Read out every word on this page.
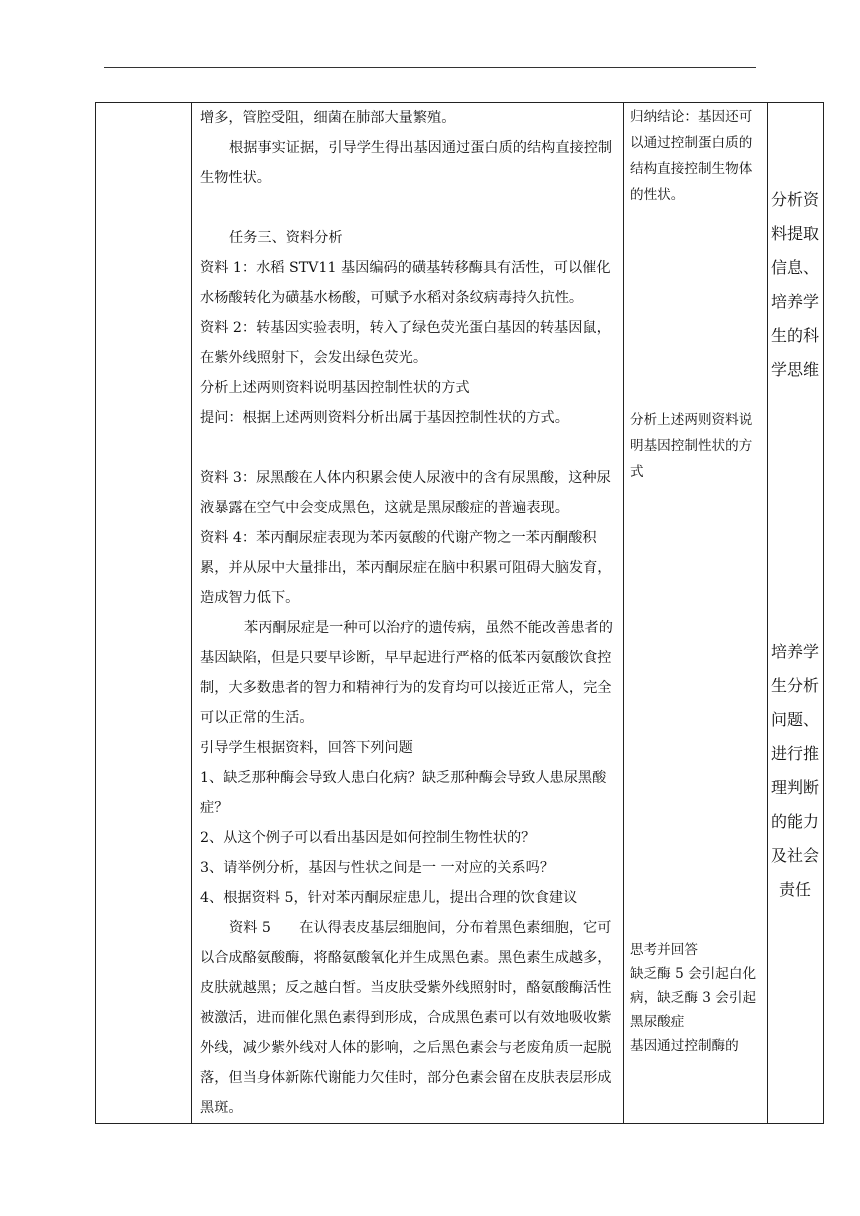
增多，管腔受阻，细菌在肺部大量繁殖。

根据事实证据，引导学生得出基因通过蛋白质的结构直接控制生物性状。

任务三、资料分析

资料 1：水稻 STV11 基因编码的磺基转移酶具有活性，可以催化水杨酸转化为磺基水杨酸，可赋予水稻对条纹病毒持久抗性。

资料 2：转基因实验表明，转入了绿色荧光蛋白基因的转基因鼠，在紫外线照射下，会发出绿色荧光。

分析上述两则资料说明基因控制性状的方式

提问：根据上述两则资料分析出属于基因控制性状的方式。

资料 3：尿黑酸在人体内积累会使人尿液中的含有尿黑酸，这种尿液暴露在空气中会变成黑色，这就是黑尿酸症的普遍表现。

资料 4：苯丙酮尿症表现为苯丙氨酸的代谢产物之一苯丙酮酸积累，并从尿中大量排出，苯丙酮尿症在脑中积累可阻碍大脑发育，造成智力低下。

苯丙酮尿症是一种可以治疗的遗传病，虽然不能改善患者的基因缺陷，但是只要早诊断，早早起进行严格的低苯丙氨酸饮食控制，大多数患者的智力和精神行为的发育均可以接近正常人，完全可以正常的生活。

引导学生根据资料，回答下列问题

1、缺乏那种酶会导致人患白化病？缺乏那种酶会导致人患尿黑酸症？

2、从这个例子可以看出基因是如何控制生物性状的？

3、请举例分析，基因与性状之间是一 一对应的关系吗？

4、根据资料 5，针对苯丙酮尿症患儿，提出合理的饮食建议

资料 5　　在认得表皮基层细胞间，分布着黑色素细胞，它可以合成酪氨酸酶，将酪氨酸氧化并生成黑色素。黑色素生成越多，皮肤就越黑；反之越白皙。当皮肤受紫外线照射时，酪氨酸酶活性被激活，进而催化黑色素得到形成，合成黑色素可以有效地吸收紫外线，减少紫外线对人体的影响，之后黑色素会与老废角质一起脱落，但当身体新陈代谢能力欠佳时，部分色素会留在皮肤表层形成黑斑。

归纳结论：基因还可以通过控制蛋白质的结构直接控制生物体的性状。

分析上述两则资料说明基因控制性状的方式

思考并回答

缺乏酶 5 会引起白化病，缺乏酶 3 会引起黑尿酸症

基因通过控制酶的

分析资料提取信息、培养学生的科学思维

培养学生分析问题、进行推理判断的能力及社会责任
